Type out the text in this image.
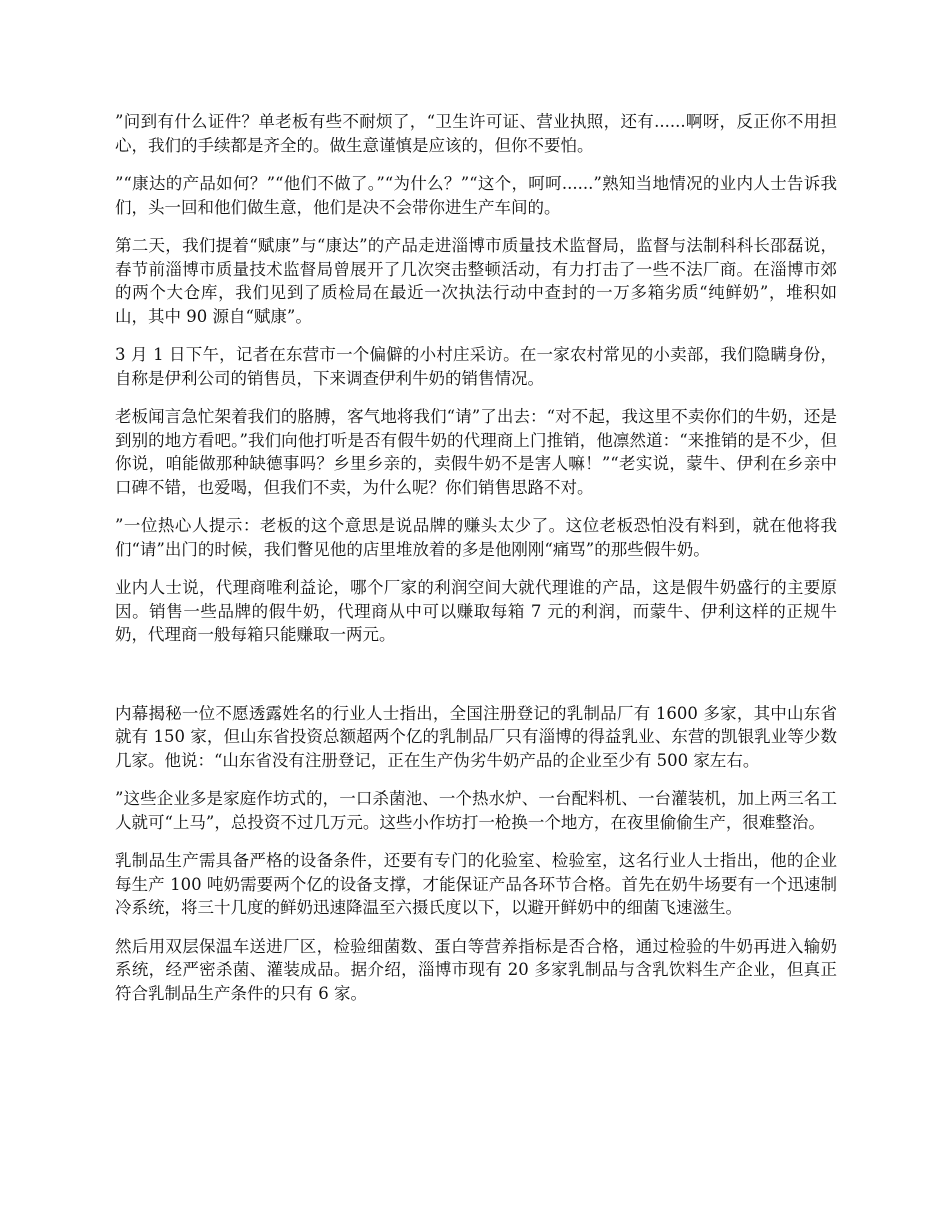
”问到有什么证件？单老板有些不耐烦了，“卫生许可证、营业执照，还有......啊呀，反正你不用担心，我们的手续都是齐全的。做生意谨慎是应该的，但你不要怕。

”“康达的产品如何？”“他们不做了。”“为什么？”“这个，呵呵......”熟知当地情况的业内人士告诉我们，头一回和他们做生意，他们是决不会带你进生产车间的。

第二天，我们提着“赋康”与“康达”的产品走进淄博市质量技术监督局，监督与法制科科长邵磊说，春节前淄博市质量技术监督局曾展开了几次突击整顿活动，有力打击了一些不法厂商。在淄博市郊的两个大仓库，我们见到了质检局在最近一次执法行动中查封的一万多箱劣质“纯鲜奶”，堆积如山，其中 90 源自“赋康”。

3 月 1 日下午，记者在东营市一个偏僻的小村庄采访。在一家农村常见的小卖部，我们隐瞒身份，自称是伊利公司的销售员，下来调查伊利牛奶的销售情况。

老板闻言急忙架着我们的胳膊，客气地将我们“请”了出去：“对不起，我这里不卖你们的牛奶，还是到别的地方看吧。”我们向他打听是否有假牛奶的代理商上门推销，他凛然道：“来推销的是不少，但你说，咱能做那种缺德事吗？乡里乡亲的，卖假牛奶不是害人嘛！”“老实说，蒙牛、伊利在乡亲中口碑不错，也爱喝，但我们不卖，为什么呢？你们销售思路不对。

”一位热心人提示：老板的这个意思是说品牌的赚头太少了。这位老板恐怕没有料到，就在他将我们“请”出门的时候，我们瞥见他的店里堆放着的多是他刚刚“痛骂”的那些假牛奶。

业内人士说，代理商唯利益论，哪个厂家的利润空间大就代理谁的产品，这是假牛奶盛行的主要原因。销售一些品牌的假牛奶，代理商从中可以赚取每箱 7 元的利润，而蒙牛、伊利这样的正规牛奶，代理商一般每箱只能赚取一两元。

内幕揭秘一位不愿透露姓名的行业人士指出，全国注册登记的乳制品厂有 1600 多家，其中山东省就有 150 家，但山东省投资总额超两个亿的乳制品厂只有淄博的得益乳业、东营的凯银乳业等少数几家。他说：“山东省没有注册登记，正在生产伪劣牛奶产品的企业至少有 500 家左右。

”这些企业多是家庭作坊式的，一口杀菌池、一个热水炉、一台配料机、一台灌装机，加上两三名工人就可“上马”，总投资不过几万元。这些小作坊打一枪换一个地方，在夜里偷偷生产，很难整治。

乳制品生产需具备严格的设备条件，还要有专门的化验室、检验室，这名行业人士指出，他的企业每生产 100 吨奶需要两个亿的设备支撑，才能保证产品各环节合格。首先在奶牛场要有一个迅速制冷系统，将三十几度的鲜奶迅速降温至六摄氏度以下，以避开鲜奶中的细菌飞速滋生。

然后用双层保温车送进厂区，检验细菌数、蛋白等营养指标是否合格，通过检验的牛奶再进入输奶系统，经严密杀菌、灌装成品。据介绍，淄博市现有 20 多家乳制品与含乳饮料生产企业，但真正符合乳制品生产条件的只有 6 家。
